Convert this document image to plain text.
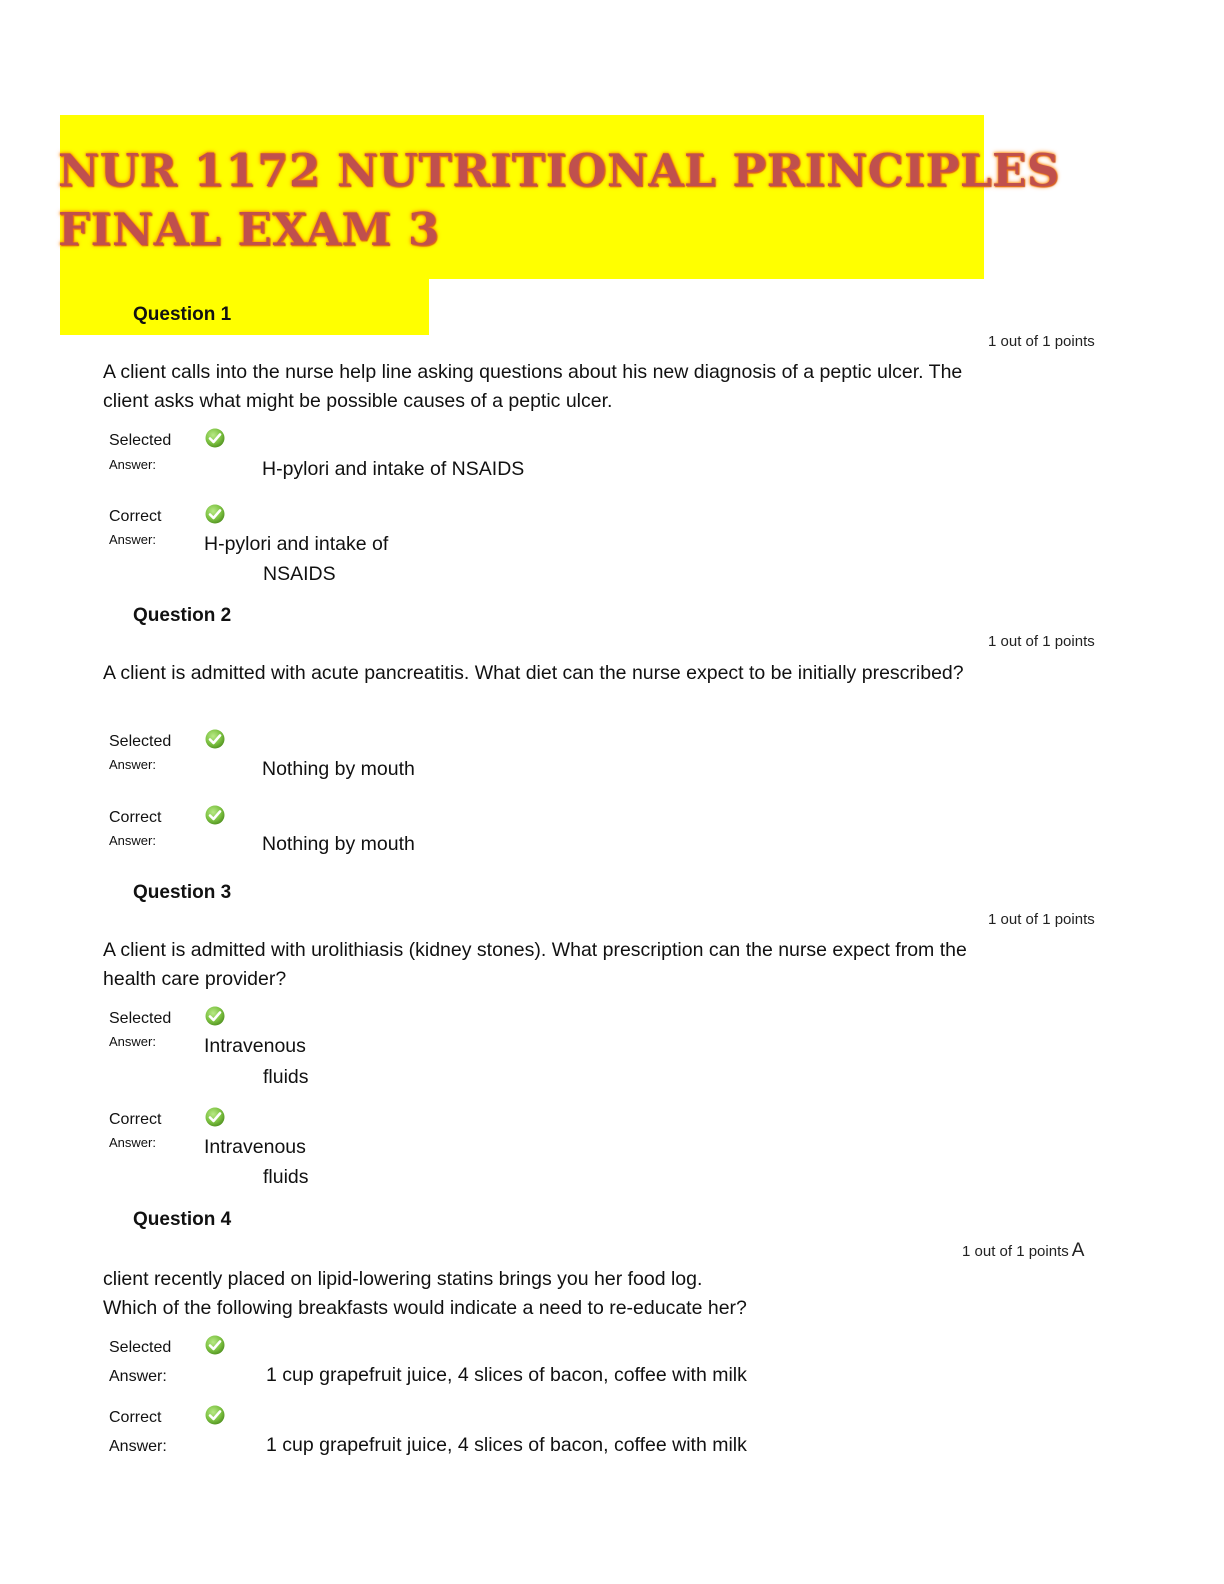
NUR 1172 NUTRITIONAL PRINCIPLES
FINAL EXAM 3
Question 1
1 out of 1 points

A client calls into the nurse help line asking questions about his new diagnosis of a peptic ulcer. The client asks what might be possible causes of a peptic ulcer.

Selected
Answer:	H-pylori and intake of NSAIDS
Correct
Answer: H-pylori and intake of
NSAIDS
Question 2
1 out of 1 points

A client is admitted with acute pancreatitis. What diet can the nurse expect to be initially prescribed?

Selected
Answer:	Nothing by mouth
Correct
Answer:	Nothing by mouth
Question 3
1 out of 1 points

A client is admitted with urolithiasis (kidney stones). What prescription can the nurse expect from the health care provider?

Selected
Answer: Intravenous
fluids
Correct
Answer: Intravenous
fluids
Question 4
1 out of 1 points A

client recently placed on lipid-lowering statins brings you her food log.

Which of the following breakfasts would indicate a need to re-educate her?

Selected
Answer:	1 cup grapefruit juice, 4 slices of bacon, coffee with milk
Correct
Answer:	1 cup grapefruit juice, 4 slices of bacon, coffee with milk
